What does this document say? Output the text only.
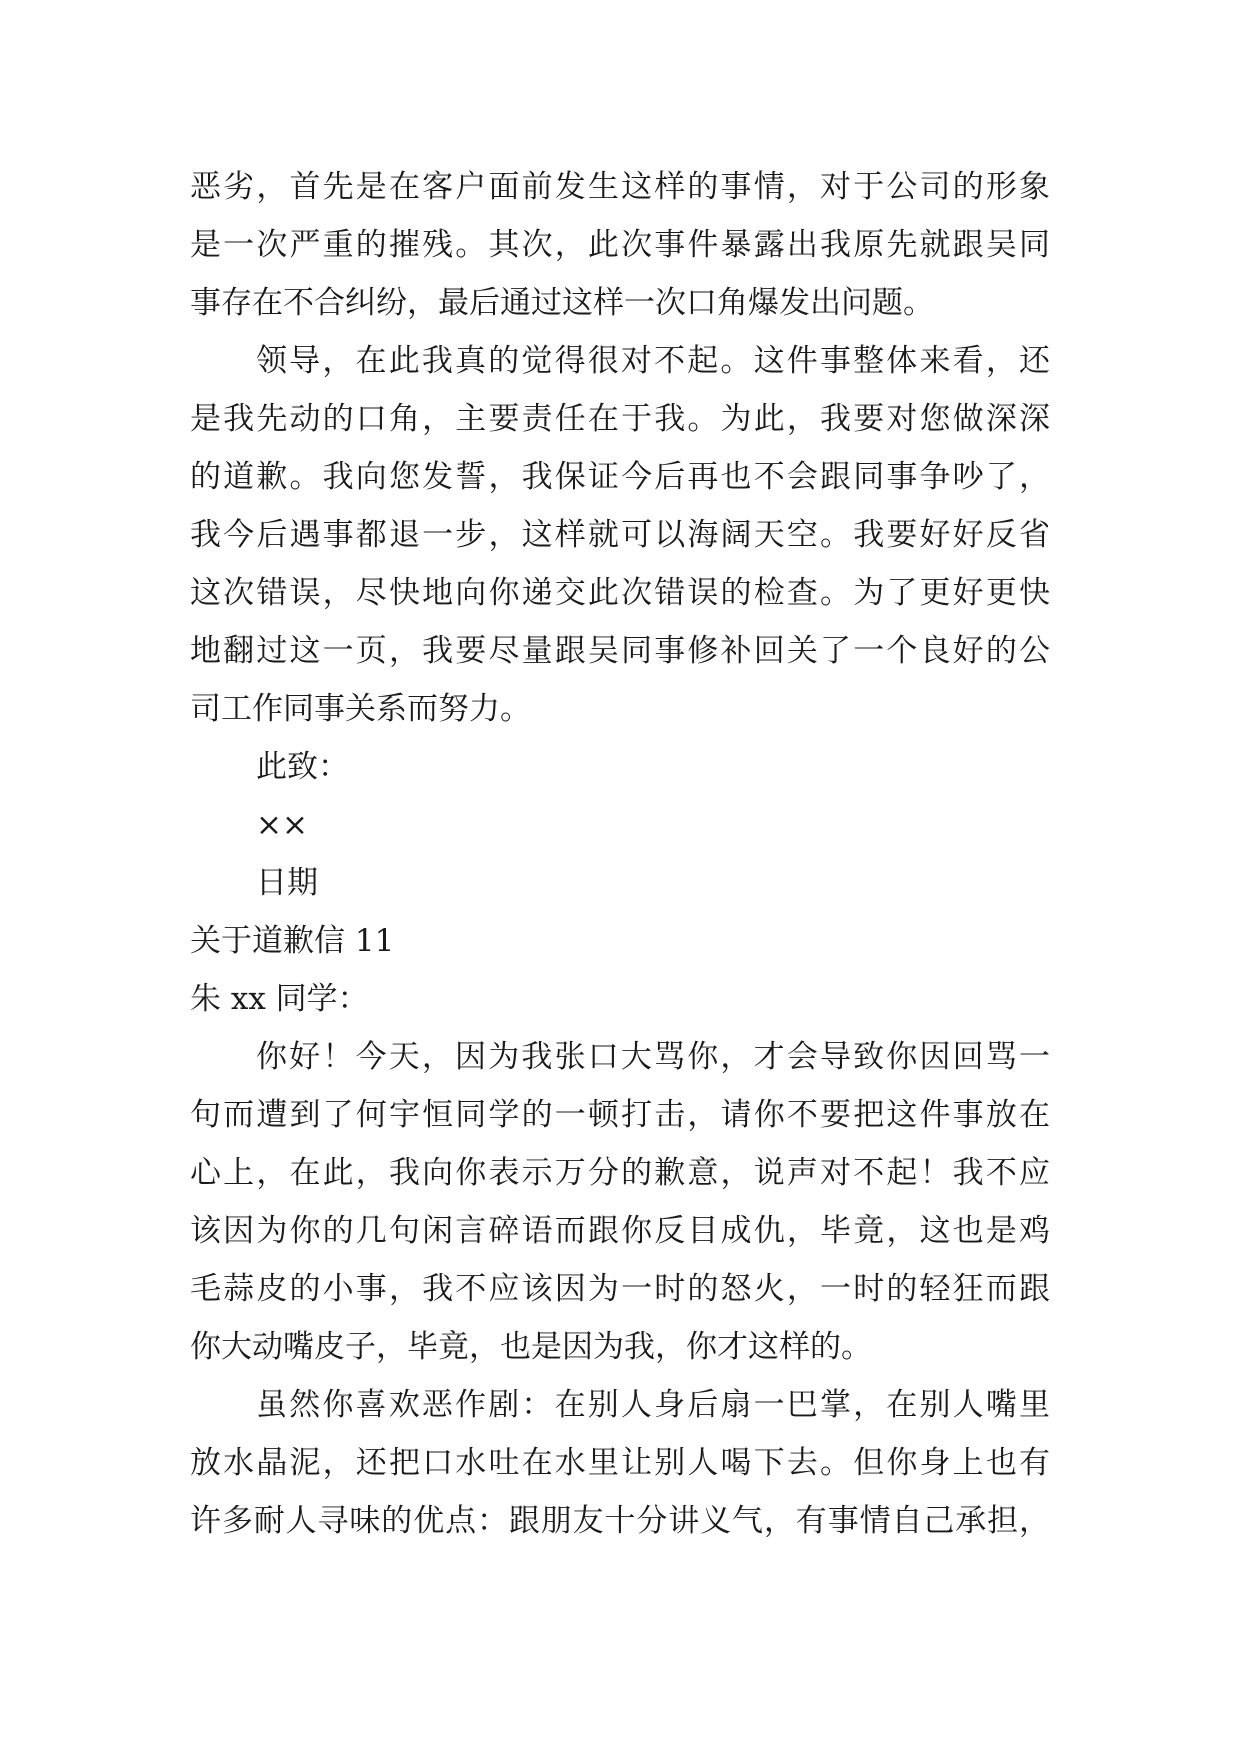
恶劣，首先是在客户面前发生这样的事情，对于公司的形象

是一次严重的摧残。其次，此次事件暴露出我原先就跟吴同

事存在不合纠纷，最后通过这样一次口角爆发出问题。

领导，在此我真的觉得很对不起。这件事整体来看，还

是我先动的口角，主要责任在于我。为此，我要对您做深深

的道歉。我向您发誓，我保证今后再也不会跟同事争吵了，

我今后遇事都退一步，这样就可以海阔天空。我要好好反省

这次错误，尽快地向你递交此次错误的检查。为了更好更快

地翻过这一页，我要尽量跟吴同事修补回关了一个良好的公

司工作同事关系而努力。

此致：

××

日期

关于道歉信 11

朱 xx 同学：

你好！今天，因为我张口大骂你，才会导致你因回骂一

句而遭到了何宇恒同学的一顿打击，请你不要把这件事放在

心上，在此，我向你表示万分的歉意，说声对不起！我不应

该因为你的几句闲言碎语而跟你反目成仇，毕竟，这也是鸡

毛蒜皮的小事，我不应该因为一时的怒火，一时的轻狂而跟

你大动嘴皮子，毕竟，也是因为我，你才这样的。

虽然你喜欢恶作剧：在别人身后扇一巴掌，在别人嘴里

放水晶泥，还把口水吐在水里让别人喝下去。但你身上也有

许多耐人寻味的优点：跟朋友十分讲义气，有事情自己承担，
